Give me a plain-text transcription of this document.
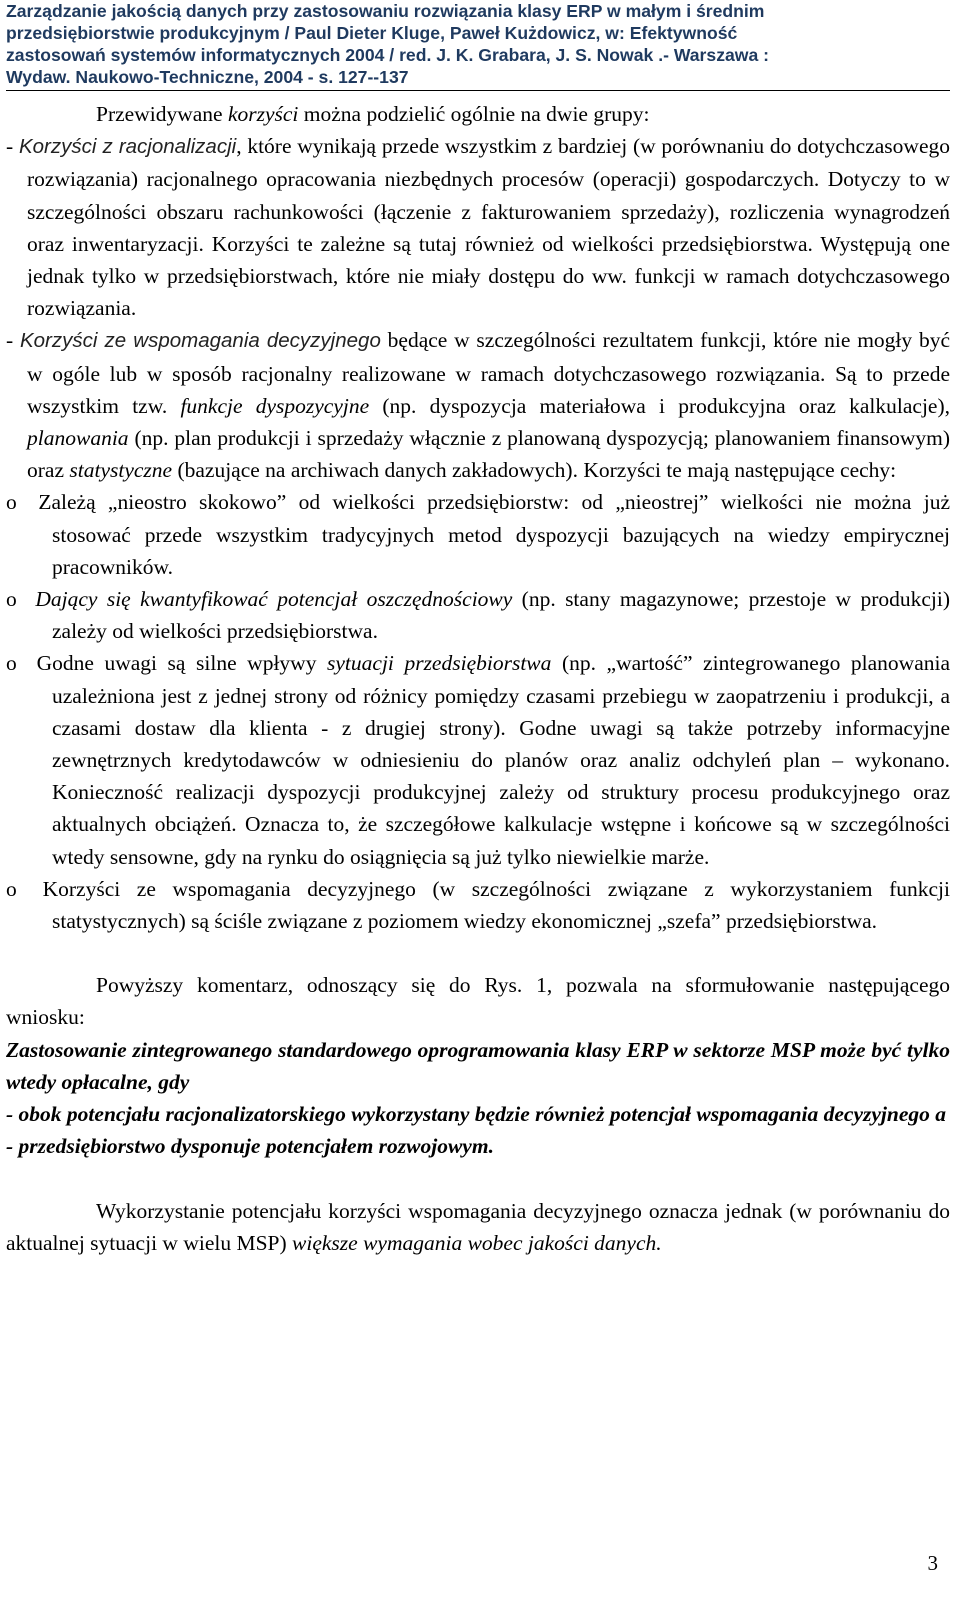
Zarządzanie jakością danych przy zastosowaniu rozwiązania klasy ERP w małym i średnim
przedsiębiorstwie produkcyjnym / Paul Dieter Kluge, Paweł Kużdowicz, w: Efektywność
zastosowań systemów informatycznych 2004 / red. J. K. Grabara, J. S. Nowak .- Warszawa :
Wydaw. Naukowo-Techniczne, 2004 - s. 127--137

Przewidywane korzyści można podzielić ogólnie na dwie grupy:

- Korzyści z racjonalizacji, które wynikają przede wszystkim z bardziej (w porównaniu do dotychczasowego rozwiązania) racjonalnego opracowania niezbędnych procesów (operacji) gospodarczych. Dotyczy to w szczególności obszaru rachunkowości (łączenie z fakturowaniem sprzedaży), rozliczenia wynagrodzeń oraz inwentaryzacji. Korzyści te zależne są tutaj również od wielkości przedsiębiorstwa. Występują one jednak tylko w przedsiębiorstwach, które nie miały dostępu do ww. funkcji w ramach dotychczasowego rozwiązania.

- Korzyści ze wspomagania decyzyjnego będące w szczególności rezultatem funkcji, które nie mogły być w ogóle lub w sposób racjonalny realizowane w ramach dotychczasowego rozwiązania. Są to przede wszystkim tzw. funkcje dyspozycyjne (np. dyspozycja materiałowa i produkcyjna oraz kalkulacje), planowania (np. plan produkcji i sprzedaży włącznie z planowaną dyspozycją; planowaniem finansowym) oraz statystyczne (bazujące na archiwach danych zakładowych). Korzyści te mają następujące cechy:

o Zależą „nieostro skokowo” od wielkości przedsiębiorstw: od „nieostrej” wielkości nie można już stosować przede wszystkim tradycyjnych metod dyspozycji bazujących na wiedzy empirycznej pracowników.

o Dający się kwantyfikować potencjał oszczędnościowy (np. stany magazynowe; przestoje w produkcji) zależy od wielkości przedsiębiorstwa.

o Godne uwagi są silne wpływy sytuacji przedsiębiorstwa (np. „wartość” zintegrowanego planowania uzależniona jest z jednej strony od różnicy pomiędzy czasami przebiegu w zaopatrzeniu i produkcji, a czasami dostaw dla klienta - z drugiej strony). Godne uwagi są także potrzeby informacyjne zewnętrznych kredytodawców w odniesieniu do planów oraz analiz odchyleń plan – wykonano. Konieczność realizacji dyspozycji produkcyjnej zależy od struktury procesu produkcyjnego oraz aktualnych obciążeń. Oznacza to, że szczegółowe kalkulacje wstępne i końcowe są w szczególności wtedy sensowne, gdy na rynku do osiągnięcia są już tylko niewielkie marże.

o Korzyści ze wspomagania decyzyjnego (w szczególności związane z wykorzystaniem funkcji statystycznych) są ściśle związane z poziomem wiedzy ekonomicznej „szefa” przedsiębiorstwa.

Powyższy komentarz, odnoszący się do Rys. 1, pozwala na sformułowanie następującego wniosku:

Zastosowanie zintegrowanego standardowego oprogramowania klasy ERP w sektorze MSP może być tylko wtedy opłacalne, gdy

- obok potencjału racjonalizatorskiego wykorzystany będzie również potencjał wspomagania decyzyjnego a

- przedsiębiorstwo dysponuje potencjałem rozwojowym.

Wykorzystanie potencjału korzyści wspomagania decyzyjnego oznacza jednak (w porównaniu do aktualnej sytuacji w wielu MSP) większe wymagania wobec jakości danych.

3
